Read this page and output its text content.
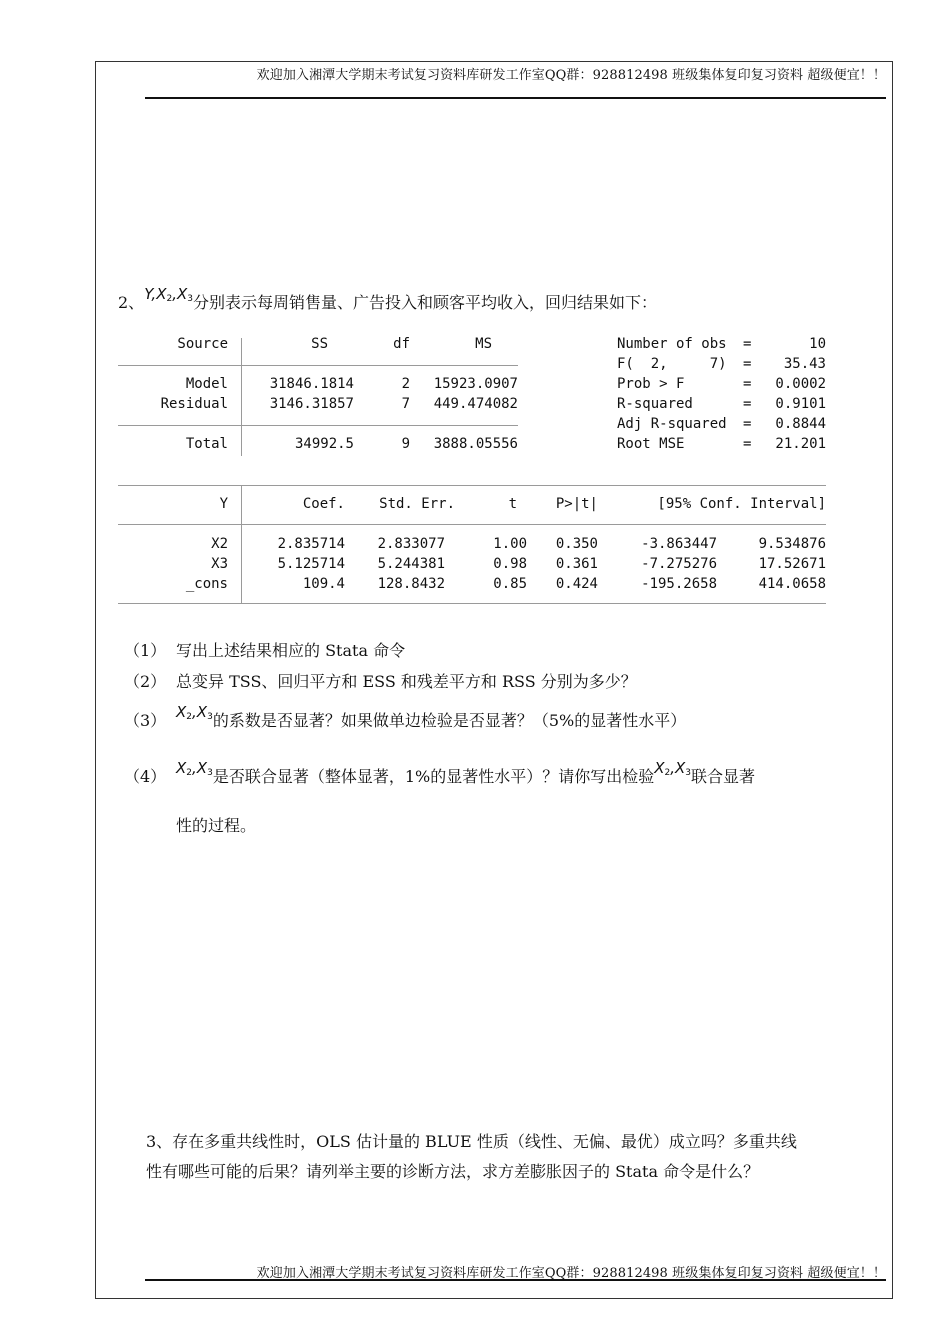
欢迎加入湘潭大学期末考试复习资料库研发工作室QQ群：928812498 班级集体复印复习资料 超级便宜！！
2、$Y,X_2,X_3$分别表示每周销售量、广告投入和顾客平均收入，回归结果如下：
Source	SS	df	MS
Model	31846.1814	2	15923.0907
Residual	3146.31857	7	449.474082
Total	34992.5	9	3888.05556
Number of obs =	10
F(  2,     7) =	35.43
Prob > F	=	0.0002
R-squared	=	0.9101
Adj R-squared =	0.8844
Root MSE	=	21.201
Y	Coef.	Std. Err.	t	P>|t|	[95% Conf. Interval]
X2	2.835714	2.833077	1.00	0.350	-3.863447	9.534876
X3	5.125714	5.244381	0.98	0.361	-7.275276	17.52671
_cons	109.4	128.8432	0.85	0.424	-195.2658	414.0658
（1） 写出上述结果相应的 Stata 命令
（2） 总变异 TSS、回归平方和 ESS 和残差平方和 RSS 分别为多少？
（3） $X_2,X_3$的系数是否显著？如果做单边检验是否显著？（5%的显著性水平）
（4） $X_2,X_3$是否联合显著（整体显著，1%的显著性水平）？请你写出检验$X_2,X_3$联合显著
性的过程。
3、存在多重共线性时，OLS 估计量的 BLUE 性质（线性、无偏、最优）成立吗？多重共线
性有哪些可能的后果？请列举主要的诊断方法，求方差膨胀因子的 Stata 命令是什么？
欢迎加入湘潭大学期末考试复习资料库研发工作室QQ群：928812498 班级集体复印复习资料 超级便宜！！
